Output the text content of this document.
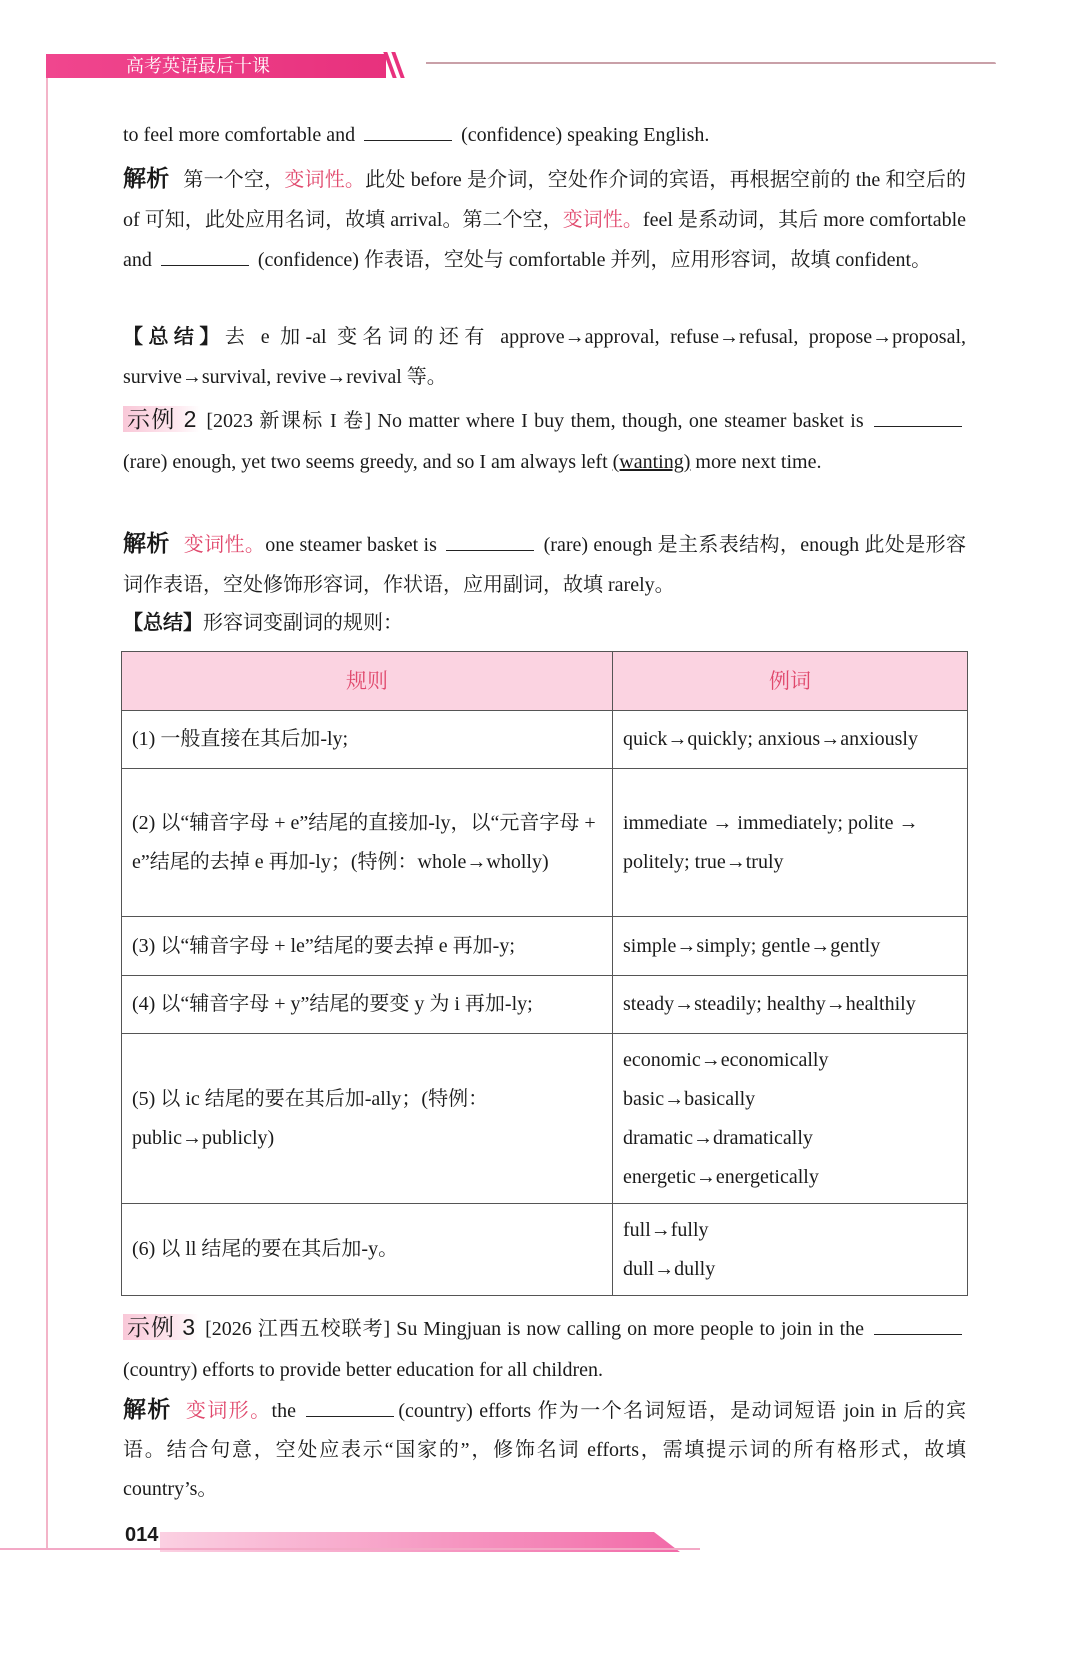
高考英语最后十课
to feel more comfortable and	(confidence) speaking English.
解析 第一个空，变词性。此处 before 是介词，空处作介词的宾语，再根据空前的 the 和空后的 of 可知，此处应用名词，故填 arrival。第二个空，变词性。feel 是系动词，其后 more comfortable and	(confidence) 作表语，空处与 comfortable 并列，应用形容词，故填 confident。
【总结】去 e 加-al 变名词的还有 approve→approval, refuse→refusal, propose→proposal, survive→survival, revive→revival 等。
示例 2 [2023 新课标 I 卷] No matter where I buy them, though, one steamer basket is  (rare) enough, yet two seems greedy, and so I am always left (wanting) more next time.
解析 变词性。one steamer basket is	(rare) enough 是主系表结构，enough 此处是形容词作表语，空处修饰形容词，作状语，应用副词，故填 rarely。
【总结】形容词变副词的规则：
规则	例词
(1) 一般直接在其后加-ly;	quick→quickly; anxious→anxiously
(2) 以“辅音字母 + e”结尾的直接加-ly，以“元音字母 + e”结尾的去掉 e 再加-ly；(特例：whole→wholly)	immediate → immediately; polite → politely; true→truly
(3) 以“辅音字母 + le”结尾的要去掉 e 再加-y;	simple→simply; gentle→gently
(4) 以“辅音字母 + y”结尾的要变 y 为 i 再加-ly;	steady→steadily; healthy→healthily
(5) 以 ic 结尾的要在其后加-ally；(特例：public→publicly)	economic→economically
basic→basically
dramatic→dramatically
energetic→energetically
(6) 以 ll 结尾的要在其后加-y。	full→fully
dull→dully
示例 3 [2026 江西五校联考] Su Mingjuan is now calling on more people to join in the (country) efforts to provide better education for all children.
解析 变词形。the	(country) efforts 作为一个名词短语，是动词短语 join in 后的宾语。结合句意，空处应表示“国家的”，修饰名词 efforts，需填提示词的所有格形式，故填 country’s。
014
